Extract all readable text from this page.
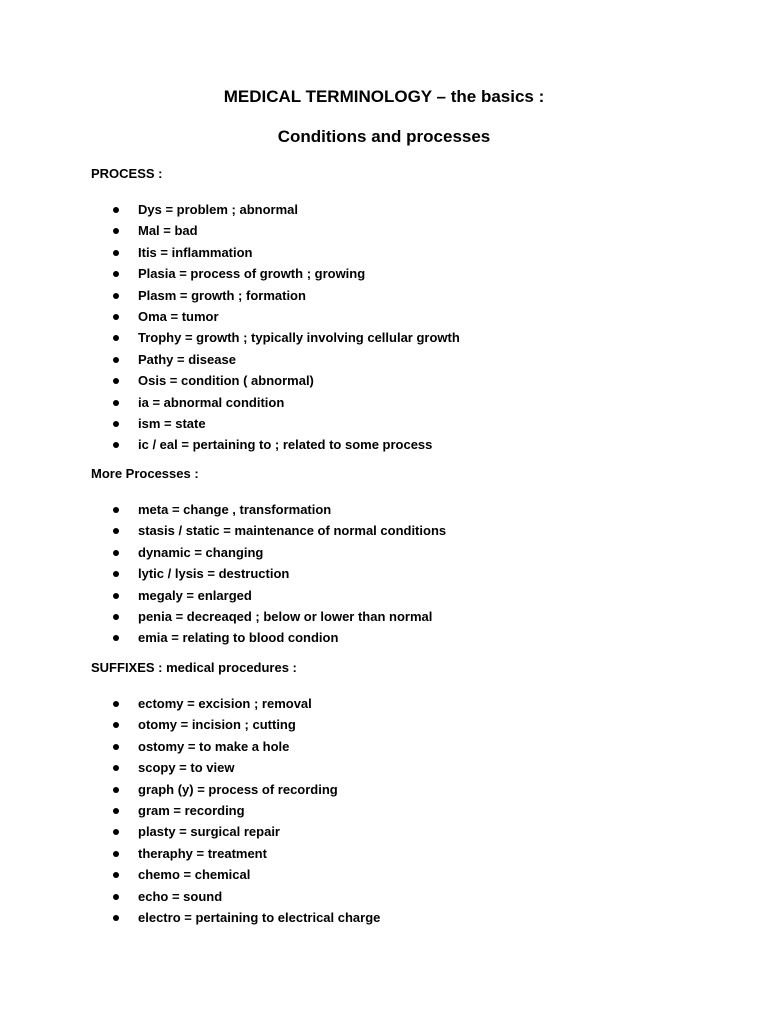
MEDICAL TERMINOLOGY – the basics :
Conditions and processes

PROCESS :

Dys = problem ; abnormal
Mal = bad
Itis = inflammation
Plasia = process of growth ; growing
Plasm = growth ; formation
Oma = tumor
Trophy = growth ; typically involving cellular growth
Pathy = disease
Osis = condition ( abnormal)
ia = abnormal condition
ism = state
ic / eal = pertaining to ; related to some process

More Processes :

meta = change , transformation
stasis / static = maintenance of normal conditions
dynamic = changing
lytic / lysis = destruction
megaly = enlarged
penia = decreaqed ; below or lower than normal
emia = relating to blood condion

SUFFIXES : medical procedures :

ectomy = excision ; removal
otomy = incision ; cutting
ostomy = to make a hole
scopy = to view
graph (y) = process of recording
gram = recording
plasty = surgical repair
theraphy = treatment
chemo = chemical
echo = sound
electro = pertaining to electrical charge
